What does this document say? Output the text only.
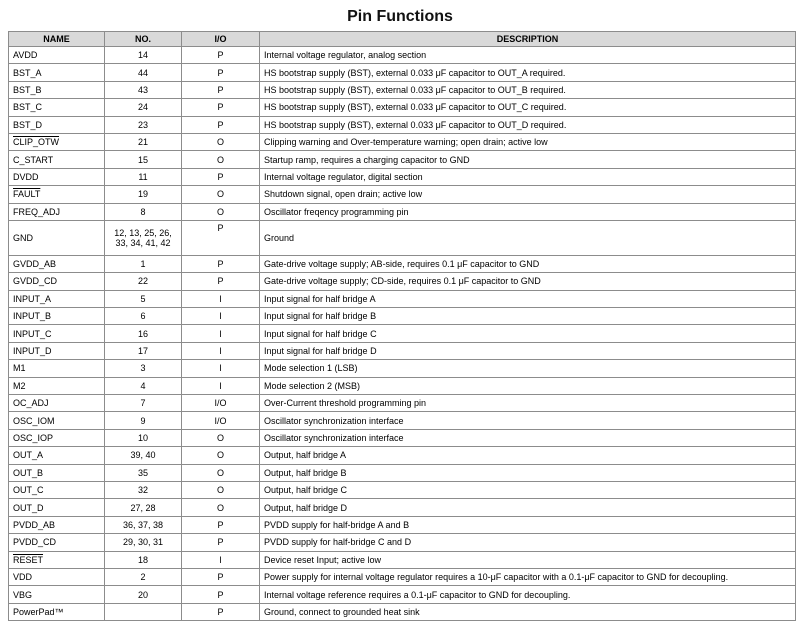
Pin Functions
NAME	NO.	I/O	DESCRIPTION
AVDD	14	P	Internal voltage regulator, analog section
BST_A	44	P	HS bootstrap supply (BST), external 0.033 μF capacitor to OUT_A required.
BST_B	43	P	HS bootstrap supply (BST), external 0.033 μF capacitor to OUT_B required.
BST_C	24	P	HS bootstrap supply (BST), external 0.033 μF capacitor to OUT_C required.
BST_D	23	P	HS bootstrap supply (BST), external 0.033 μF capacitor to OUT_D required.
CLIP_OTW	21	O	Clipping warning and Over-temperature warning; open drain; active low
C_START	15	O	Startup ramp, requires a charging capacitor to GND
DVDD	11	P	Internal voltage regulator, digital section
FAULT	19	O	Shutdown signal, open drain; active low
FREQ_ADJ	8	O	Oscillator freqency programming pin
GND	12, 13, 25, 26, 33, 34, 41, 42	P	Ground
GVDD_AB	1	P	Gate-drive voltage supply; AB-side, requires 0.1 μF capacitor to GND
GVDD_CD	22	P	Gate-drive voltage supply; CD-side, requires 0.1 μF capacitor to GND
INPUT_A	5	I	Input signal for half bridge A
INPUT_B	6	I	Input signal for half bridge B
INPUT_C	16	I	Input signal for half bridge C
INPUT_D	17	I	Input signal for half bridge D
M1	3	I	Mode selection 1 (LSB)
M2	4	I	Mode selection 2 (MSB)
OC_ADJ	7	I/O	Over-Current threshold programming pin
OSC_IOM	9	I/O	Oscillator synchronization interface
OSC_IOP	10	O	Oscillator synchronization interface
OUT_A	39, 40	O	Output, half bridge A
OUT_B	35	O	Output, half bridge B
OUT_C	32	O	Output, half bridge C
OUT_D	27, 28	O	Output, half bridge D
PVDD_AB	36, 37, 38	P	PVDD supply for half-bridge A and B
PVDD_CD	29, 30, 31	P	PVDD supply for half-bridge C and D
RESET	18	I	Device reset Input; active low
VDD	2	P	Power supply for internal voltage regulator requires a 10-μF capacitor with a 0.1-μF capacitor to GND for decoupling.
VBG	20	P	Internal voltage reference requires a 0.1-μF capacitor to GND for decoupling.
PowerPad™		P	Ground, connect to grounded heat sink
